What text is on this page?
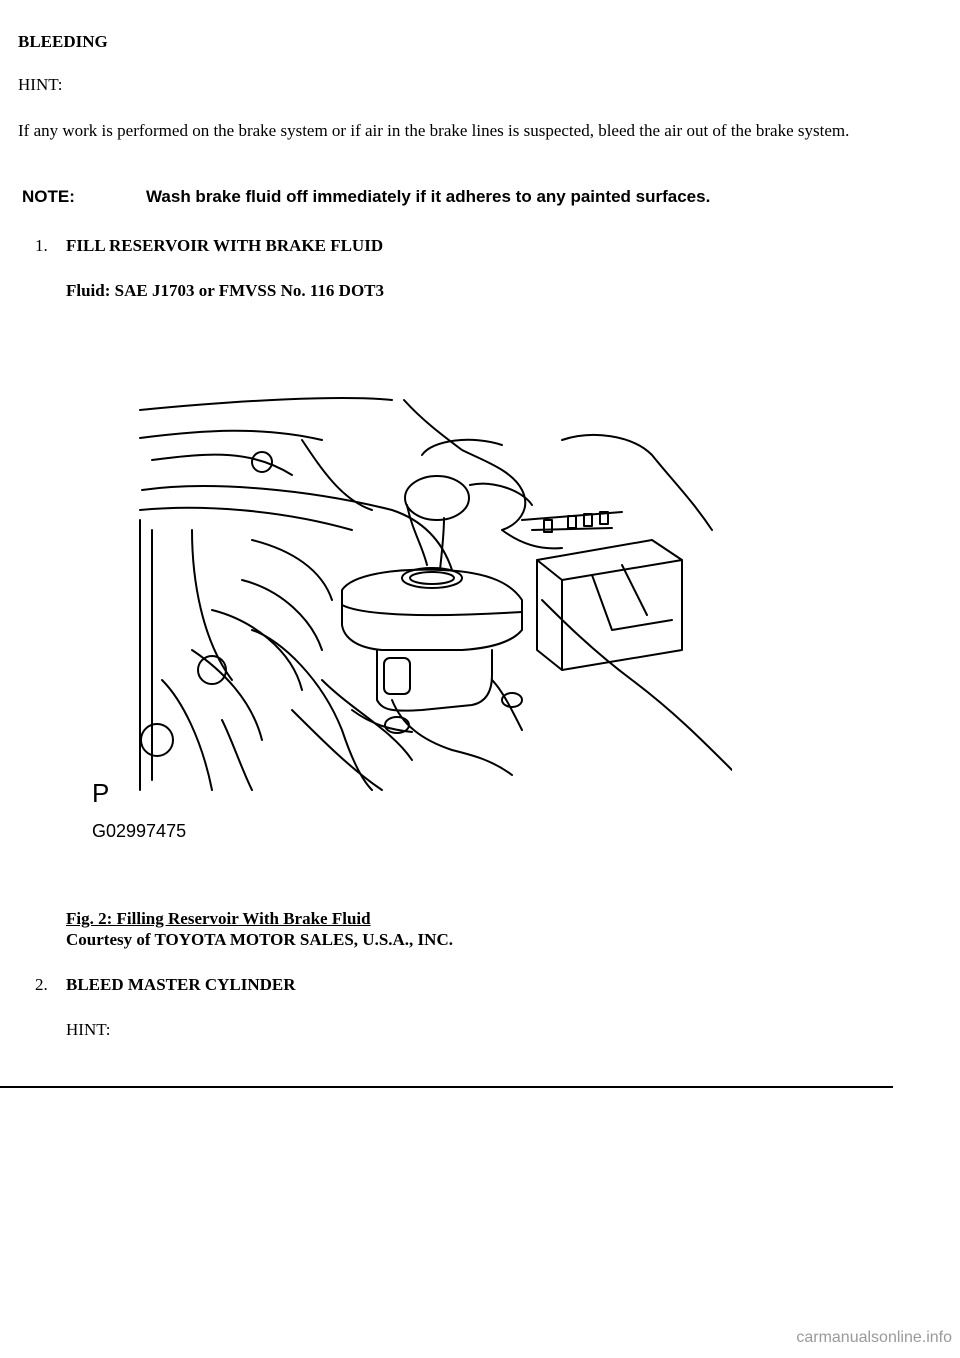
BLEEDING
HINT:
If any work is performed on the brake system or if air in the brake lines is suspected, bleed the air out of the brake system.
NOTE:	Wash brake fluid off immediately if it adheres to any painted surfaces.
1. FILL RESERVOIR WITH BRAKE FLUID
Fluid: SAE J1703 or FMVSS No. 116 DOT3
P
G02997475
Fig. 2: Filling Reservoir With Brake Fluid
Courtesy of TOYOTA MOTOR SALES, U.S.A., INC.
2. BLEED MASTER CYLINDER
HINT:
carmanualsonline.info
